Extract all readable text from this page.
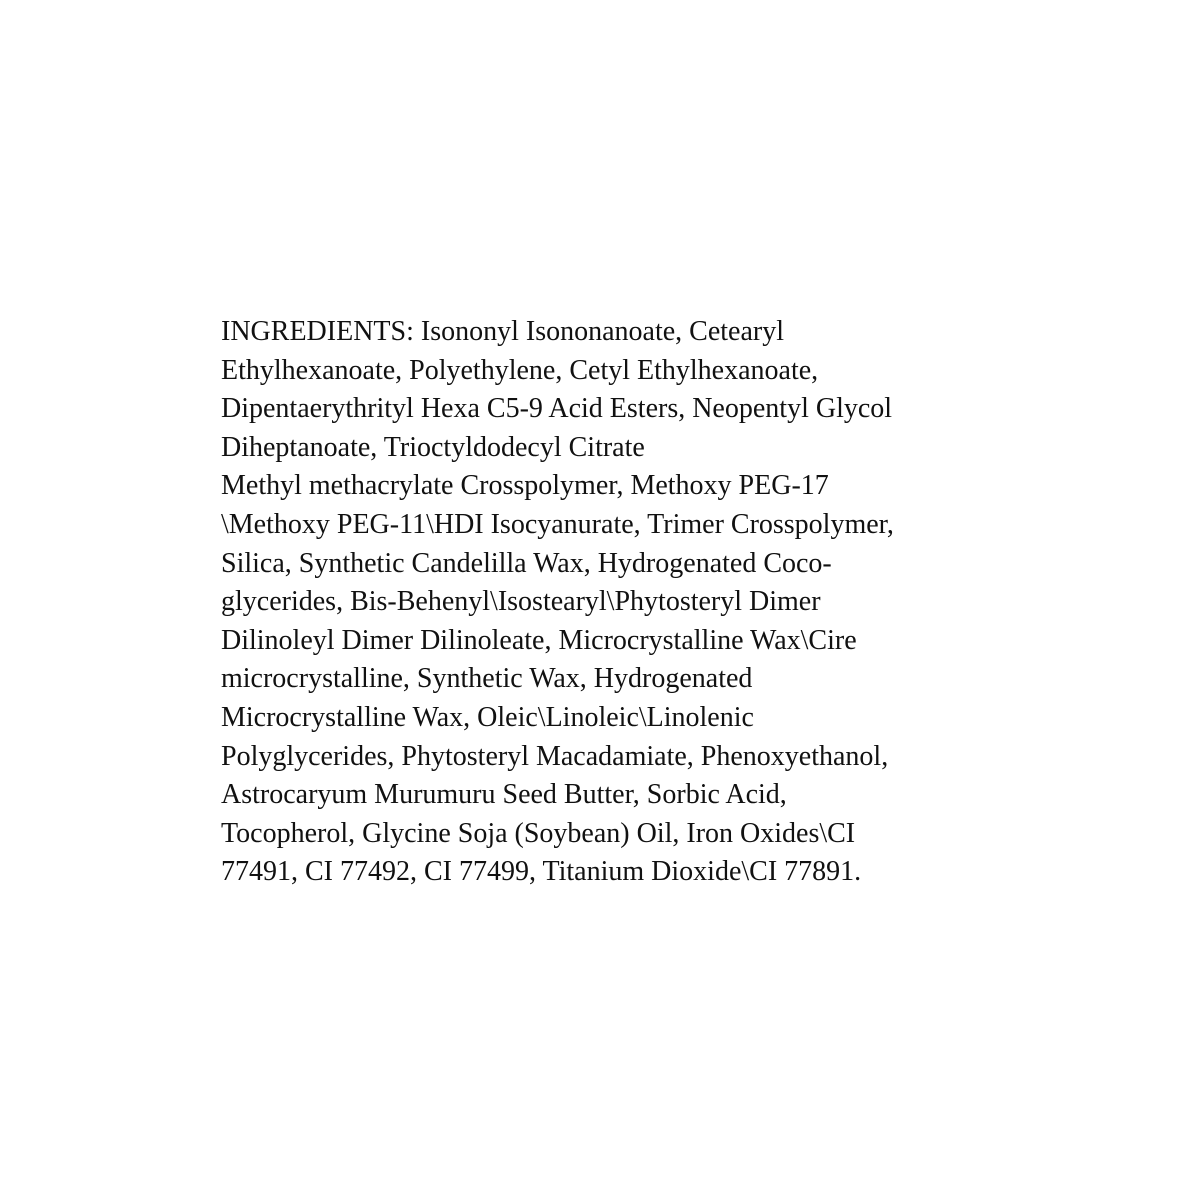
INGREDIENTS: Isononyl Isononanoate, Cetearyl
Ethylhexanoate, Polyethylene, Cetyl Ethylhexanoate,
Dipentaerythrityl Hexa C5-9 Acid Esters, Neopentyl Glycol
Diheptanoate, Trioctyldodecyl Citrate
Methyl methacrylate Crosspolymer, Methoxy PEG-17
\Methoxy PEG-11\HDI Isocyanurate, Trimer Crosspolymer,
Silica, Synthetic Candelilla Wax, Hydrogenated Coco-
glycerides, Bis-Behenyl\Isostearyl\Phytosteryl Dimer
Dilinoleyl Dimer Dilinoleate, Microcrystalline Wax\Cire
microcrystalline, Synthetic Wax, Hydrogenated
Microcrystalline Wax, Oleic\Linoleic\Linolenic
Polyglycerides, Phytosteryl Macadamiate, Phenoxyethanol,
Astrocaryum Murumuru Seed Butter, Sorbic Acid,
Tocopherol, Glycine Soja (Soybean) Oil, Iron Oxides\CI
77491, CI 77492, CI 77499, Titanium Dioxide\CI 77891.
